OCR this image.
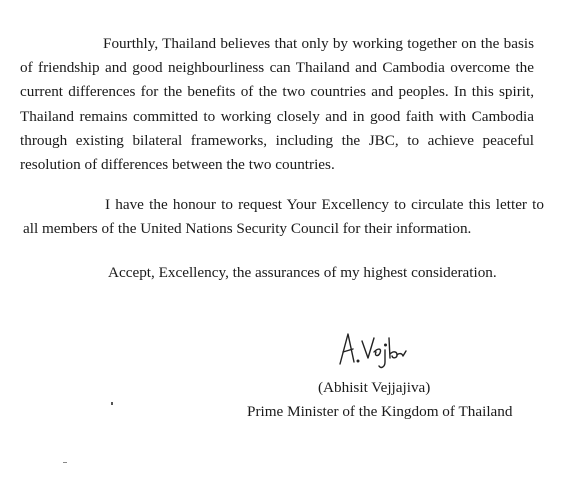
Fourthly, Thailand believes that only by working together on the basis of friendship and good neighbourliness can Thailand and Cambodia overcome the current differences for the benefits of the two countries and peoples. In this spirit, Thailand remains committed to working closely and in good faith with Cambodia through existing bilateral frameworks, including the JBC, to achieve peaceful resolution of differences between the two countries.

I have the honour to request Your Excellency to circulate this letter to all members of the United Nations Security Council for their information.

Accept, Excellency, the assurances of my highest consideration.

(Abhisit Vejjajiva)

Prime Minister of the Kingdom of Thailand
